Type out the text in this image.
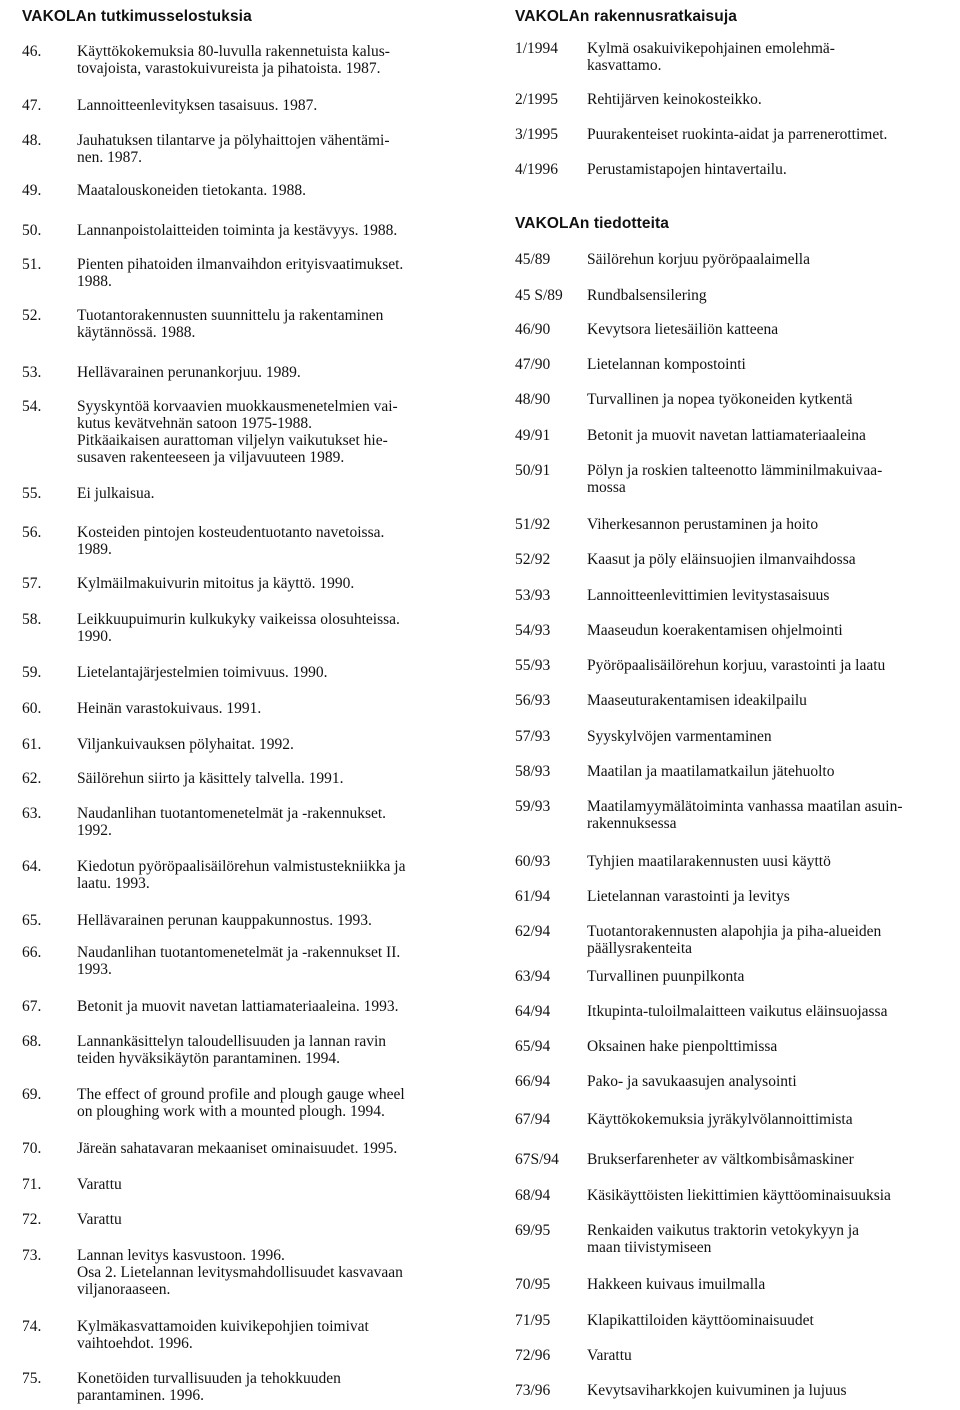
VAKOLAn tutkimusselostuksia
46. Käyttökokemuksia 80-luvulla rakennetuista kalus-
tovajoista, varastokuivureista ja pihatoista. 1987.
47. Lannoitteenlevityksen tasaisuus. 1987.
48. Jauhatuksen tilantarve ja pölyhaittojen vähentämi-
nen. 1987.
49. Maatalouskoneiden tietokanta. 1988.
50. Lannanpoistolaitteiden toiminta ja kestävyys. 1988.
51. Pienten pihatoiden ilmanvaihdon erityisvaatimukset.
1988.
52. Tuotantorakennusten suunnittelu ja rakentaminen
käytännössä. 1988.
53. Hellävarainen perunankorjuu. 1989.
54. Syyskyntöä korvaavien muokkausmenetelmien vai-
kutus kevätvehnän satoon 1975-1988.
Pitkäaikaisen aurattoman viljelyn vaikutukset hie-
susaven rakenteeseen ja viljavuuteen 1989.
55. Ei julkaisua.
56. Kosteiden pintojen kosteudentuotanto navetoissa.
1989.
57. Kylmäilmakuivurin mitoitus ja käyttö. 1990.
58. Leikkuupuimurin kulkukyky vaikeissa olosuhteissa.
1990.
59. Lietelantajärjestelmien toimivuus. 1990.
60. Heinän varastokuivaus. 1991.
61. Viljankuivauksen pölyhaitat. 1992.
62. Säilörehun siirto ja käsittely talvella. 1991.
63. Naudanlihan tuotantomenetelmät ja -rakennukset.
1992.
64. Kiedotun pyöröpaalisäilörehun valmistustekniikka ja
laatu. 1993.
65. Hellävarainen perunan kauppakunnostus. 1993.
66. Naudanlihan tuotantomenetelmät ja -rakennukset II.
1993.
67. Betonit ja muovit navetan lattiamateriaaleina. 1993.
68. Lannankäsittelyn taloudellisuuden ja lannan ravin
teiden hyväksikäytön parantaminen. 1994.
69. The effect of ground profile and plough gauge wheel
on ploughing work with a mounted plough. 1994.
70. Järeän sahatavaran mekaaniset ominaisuudet. 1995.
71. Varattu
72. Varattu
73. Lannan levitys kasvustoon. 1996.
Osa 2. Lietelannan levitysmahdollisuudet kasvavaan
viljanoraaseen.
74. Kylmäkasvattamoiden kuivikepohjien toimivat
vaihtoehdot. 1996.
75. Konetöiden turvallisuuden ja tehokkuuden
parantaminen. 1996.
VAKOLAn rakennusratkaisuja
1/1994 Kylmä osakuivikepohjainen emolehmä-
kasvattamo.
2/1995 Rehtijärven keinokosteikko.
3/1995 Puurakenteiset ruokinta-aidat ja parrenerottimet.
4/1996 Perustamistapojen hintavertailu.
VAKOLAn tiedotteita
45/89 Säilörehun korjuu pyöröpaalaimella
45 S/89 Rundbalsensilering
46/90 Kevytsora lietesäiliön katteena
47/90 Lietelannan kompostointi
48/90 Turvallinen ja nopea työkoneiden kytkentä
49/91 Betonit ja muovit navetan lattiamateriaaleina
50/91 Pölyn ja roskien talteenotto lämminilmakuivaa-
mossa
51/92 Viherkesannon perustaminen ja hoito
52/92 Kaasut ja pöly eläinsuojien ilmanvaihdossa
53/93 Lannoitteenlevittimien levitystasaisuus
54/93 Maaseudun koerakentamisen ohjelmointi
55/93 Pyöröpaalisäilörehun korjuu, varastointi ja laatu
56/93 Maaseuturakentamisen ideakilpailu
57/93 Syyskylvöjen varmentaminen
58/93 Maatilan ja maatilamatkailun jätehuolto
59/93 Maatilamyymälätoiminta vanhassa maatilan asuin-
rakennuksessa
60/93 Tyhjien maatilarakennusten uusi käyttö
61/94 Lietelannan varastointi ja levitys
62/94 Tuotantorakennusten alapohjia ja piha-alueiden
päällysrakenteita
63/94 Turvallinen puunpilkonta
64/94 Itkupinta-tuloilmalaitteen vaikutus eläinsuojassa
65/94 Oksainen hake pienpolttimissa
66/94 Pako- ja savukaasujen analysointi
67/94 Käyttökokemuksia jyräkylvölannoittimista
67S/94 Brukserfarenheter av vältkombisåmaskiner
68/94 Käsikäyttöisten liekittimien käyttöominaisuuksia
69/95 Renkaiden vaikutus traktorin vetokykyyn ja
maan tiivistymiseen
70/95 Hakkeen kuivaus imuilmalla
71/95 Klapikattiloiden käyttöominaisuudet
72/96 Varattu
73/96 Kevytsaviharkkojen kuivuminen ja lujuus
